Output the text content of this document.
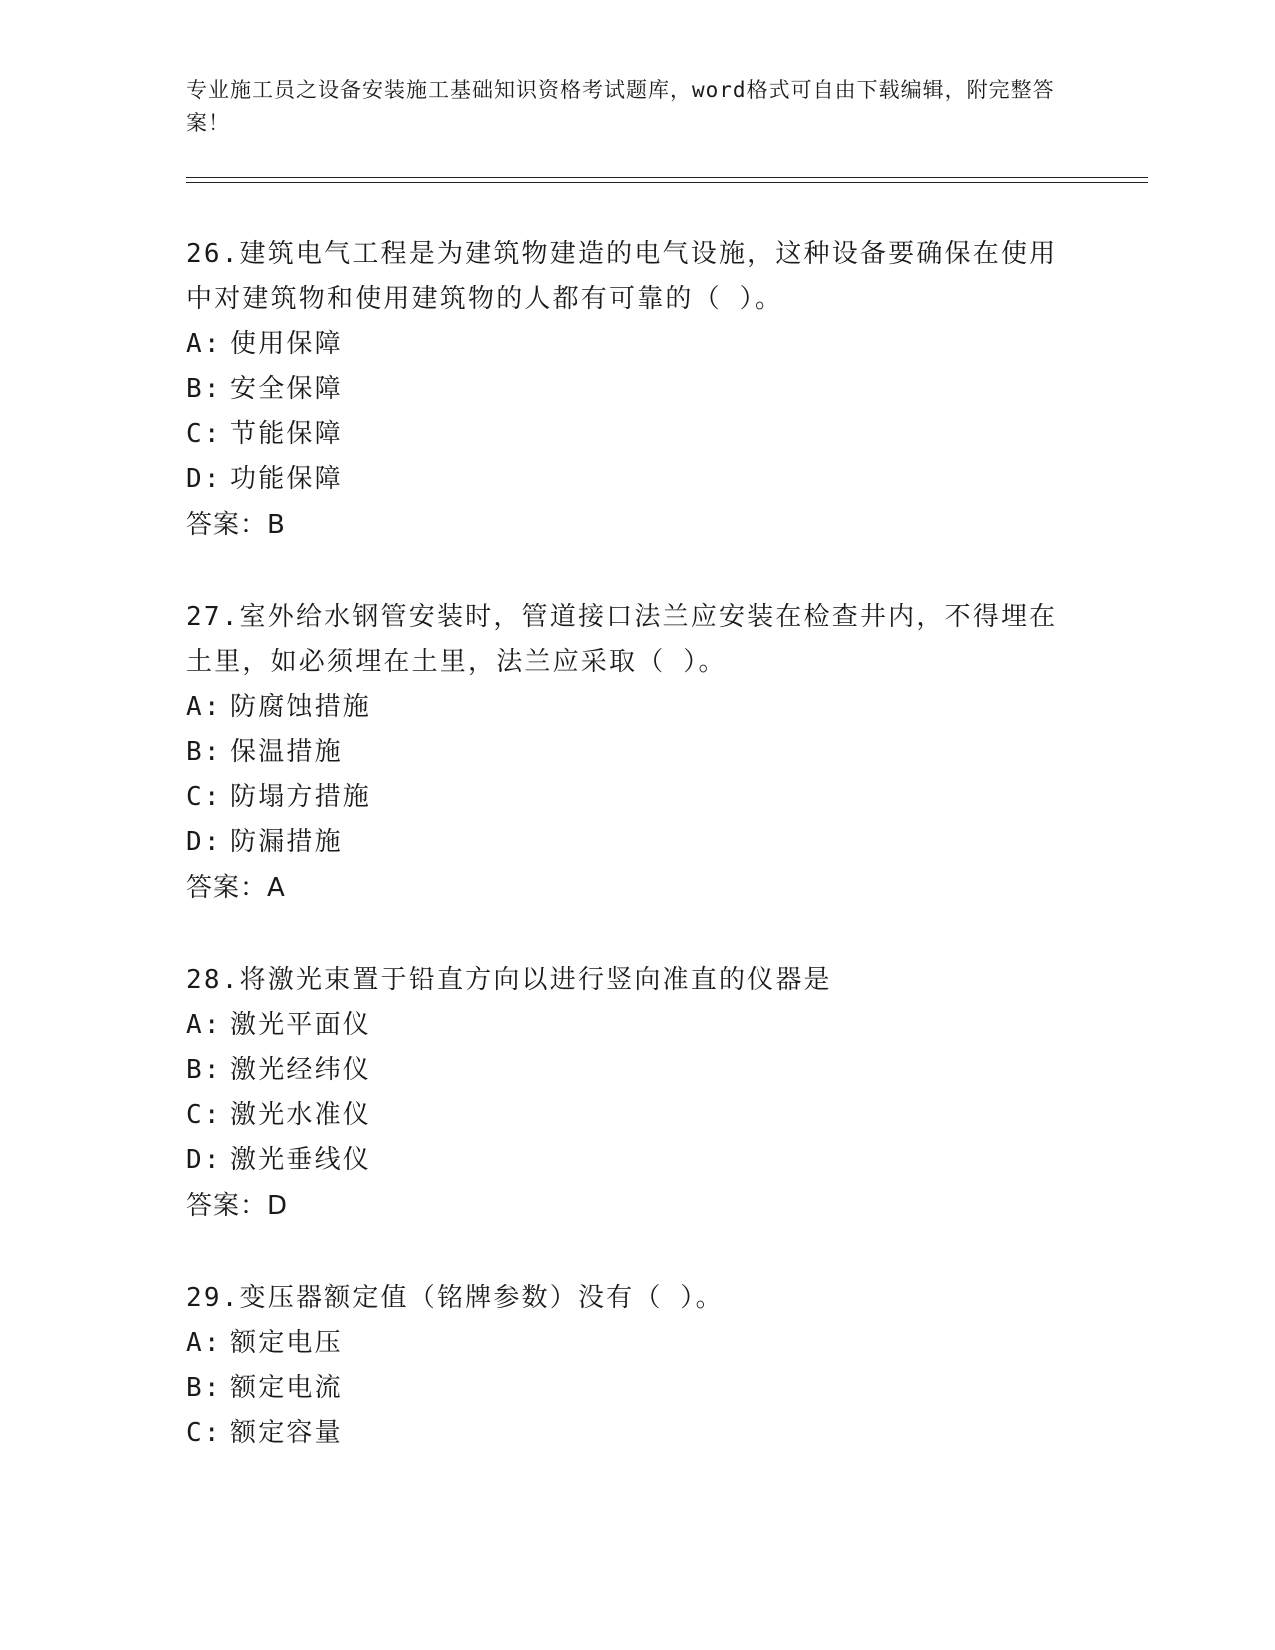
专业施工员之设备安装施工基础知识资格考试题库，word格式可自由下载编辑，附完整答案！
26.建筑电气工程是为建筑物建造的电气设施，这种设备要确保在使用中对建筑物和使用建筑物的人都有可靠的（ ）。
A: 使用保障
B: 安全保障
C: 节能保障
D: 功能保障
答案：B
27.室外给水钢管安装时，管道接口法兰应安装在检查井内，不得埋在土里，如必须埋在土里，法兰应采取（ ）。
A: 防腐蚀措施
B: 保温措施
C: 防塌方措施
D: 防漏措施
答案：A
28.将激光束置于铅直方向以进行竖向准直的仪器是
A: 激光平面仪
B: 激光经纬仪
C: 激光水准仪
D: 激光垂线仪
答案：D
29.变压器额定值（铭牌参数）没有（ ）。
A: 额定电压
B: 额定电流
C: 额定容量
